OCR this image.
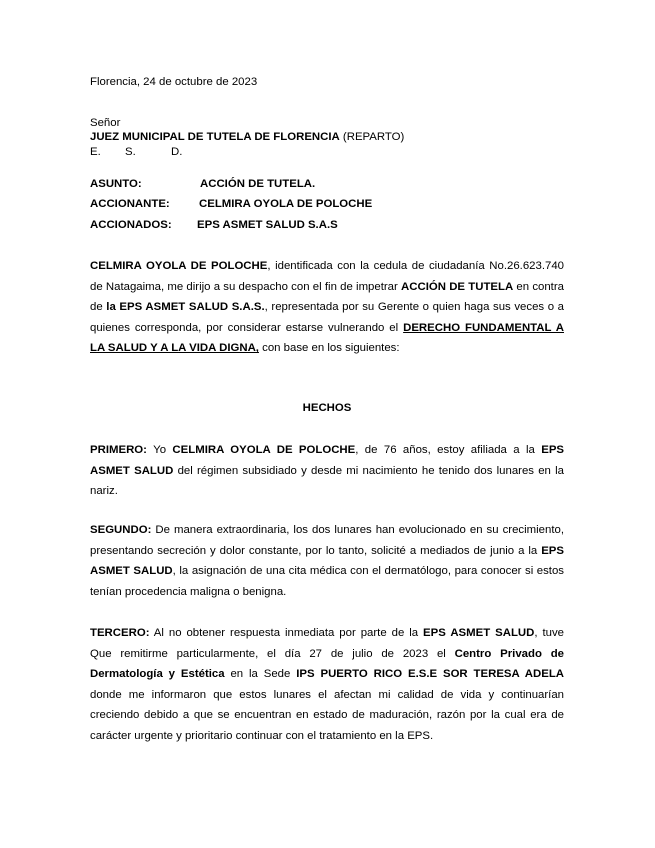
Florencia, 24 de octubre de 2023
Señor
JUEZ MUNICIPAL DE TUTELA DE FLORENCIA (REPARTO)
E. S.	D.
ASUNTO:	ACCIÓN DE TUTELA.
ACCIONANTE:	CELMIRA OYOLA DE POLOCHE
ACCIONADOS: EPS ASMET SALUD S.A.S

CELMIRA OYOLA DE POLOCHE, identificada con la cedula de ciudadanía No.26.623.740 de Natagaima, me dirijo a su despacho con el fin de impetrar ACCIÓN DE TUTELA en contra de la EPS ASMET SALUD S.A.S., representada por su Gerente o quien haga sus veces o a quienes corresponda, por considerar estarse vulnerando el DERECHO FUNDAMENTAL A LA SALUD Y A LA VIDA DIGNA, con base en los siguientes:

HECHOS

PRIMERO: Yo CELMIRA OYOLA DE POLOCHE, de 76 años, estoy afiliada a la EPS ASMET SALUD del régimen subsidiado y desde mi nacimiento he tenido dos lunares en la nariz.

SEGUNDO: De manera extraordinaria, los dos lunares han evolucionado en su crecimiento, presentando secreción y dolor constante, por lo tanto, solicité a mediados de junio a la EPS ASMET SALUD, la asignación de una cita médica con el dermatólogo, para conocer si estos tenían procedencia maligna o benigna.

TERCERO: Al no obtener respuesta inmediata por parte de la EPS ASMET SALUD, tuve Que remitirme particularmente, el día 27 de julio de 2023 el Centro Privado de Dermatología y Estética en la Sede IPS PUERTO RICO E.S.E SOR TERESA ADELA donde me informaron que estos lunares el afectan mi calidad de vida y continuarían creciendo debido a que se encuentran en estado de maduración, razón por la cual era de carácter urgente y prioritario continuar con el tratamiento en la EPS.
